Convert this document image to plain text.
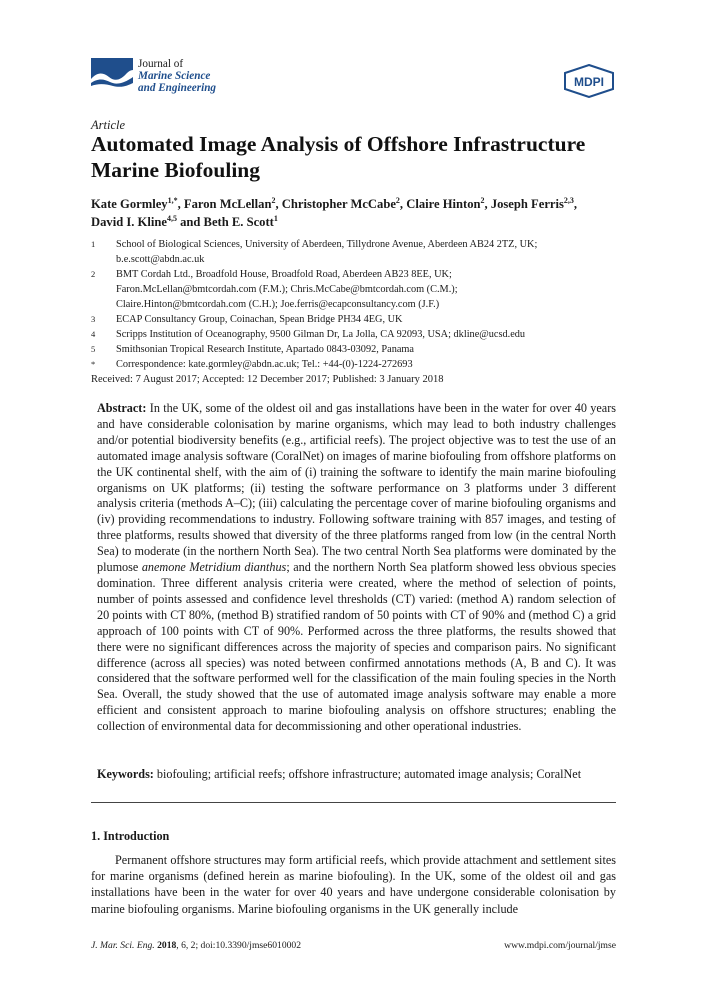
Journal of
Marine Science
and Engineering	MDPI
Article
Automated Image Analysis of Offshore Infrastructure Marine Biofouling
Kate Gormley$^{1,*}$, Faron McLellan$^2$, Christopher McCabe$^2$, Claire Hinton$^2$, Joseph Ferris$^{2,3}$,
David I. Kline$^{4,5}$ and Beth E. Scott$^1$
1	School of Biological Sciences, University of Aberdeen, Tillydrone Avenue, Aberdeen AB24 2TZ, UK;
b.e.scott@abdn.ac.uk
2	BMT Cordah Ltd., Broadfold House, Broadfold Road, Aberdeen AB23 8EE, UK;
Faron.McLellan@bmtcordah.com (F.M.); Chris.McCabe@bmtcordah.com (C.M.);
Claire.Hinton@bmtcordah.com (C.H.); Joe.ferris@ecapconsultancy.com (J.F.)
3	ECAP Consultancy Group, Coinachan, Spean Bridge PH34 4EG, UK
4	Scripps Institution of Oceanography, 9500 Gilman Dr, La Jolla, CA 92093, USA; dkline@ucsd.edu
5	Smithsonian Tropical Research Institute, Apartado 0843-03092, Panama
*	Correspondence: kate.gormley@abdn.ac.uk; Tel.: +44-(0)-1224-272693
Received: 7 August 2017; Accepted: 12 December 2017; Published: 3 January 2018
Abstract: In the UK, some of the oldest oil and gas installations have been in the water for over 40 years and have considerable colonisation by marine organisms, which may lead to both industry challenges and/or potential biodiversity benefits (e.g., artificial reefs). The project objective was to test the use of an automated image analysis software (CoralNet) on images of marine biofouling from offshore platforms on the UK continental shelf, with the aim of (i) training the software to identify the main marine biofouling organisms on UK platforms; (ii) testing the software performance on 3 platforms under 3 different analysis criteria (methods A–C); (iii) calculating the percentage cover of marine biofouling organisms and (iv) providing recommendations to industry. Following software training with 857 images, and testing of three platforms, results showed that diversity of the three platforms ranged from low (in the central North Sea) to moderate (in the northern North Sea). The two central North Sea platforms were dominated by the plumose anemone Metridium dianthus; and the northern North Sea platform showed less obvious species domination. Three different analysis criteria were created, where the method of selection of points, number of points assessed and confidence level thresholds (CT) varied: (method A) random selection of 20 points with CT 80%, (method B) stratified random of 50 points with CT of 90% and (method C) a grid approach of 100 points with CT of 90%. Performed across the three platforms, the results showed that there were no significant differences across the majority of species and comparison pairs. No significant difference (across all species) was noted between confirmed annotations methods (A, B and C). It was considered that the software performed well for the classification of the main fouling species in the North Sea. Overall, the study showed that the use of automated image analysis software may enable a more efficient and consistent approach to marine biofouling analysis on offshore structures; enabling the collection of environmental data for decommissioning and other operational industries.
Keywords: biofouling; artificial reefs; offshore infrastructure; automated image analysis; CoralNet
1. Introduction

Permanent offshore structures may form artificial reefs, which provide attachment and settlement sites for marine organisms (defined herein as marine biofouling). In the UK, some of the oldest oil and gas installations have been in the water for over 40 years and have undergone considerable colonisation by marine biofouling organisms. Marine biofouling organisms in the UK generally include

J. Mar. Sci. Eng. 2018, 6, 2; doi:10.3390/jmse6010002	www.mdpi.com/journal/jmse
